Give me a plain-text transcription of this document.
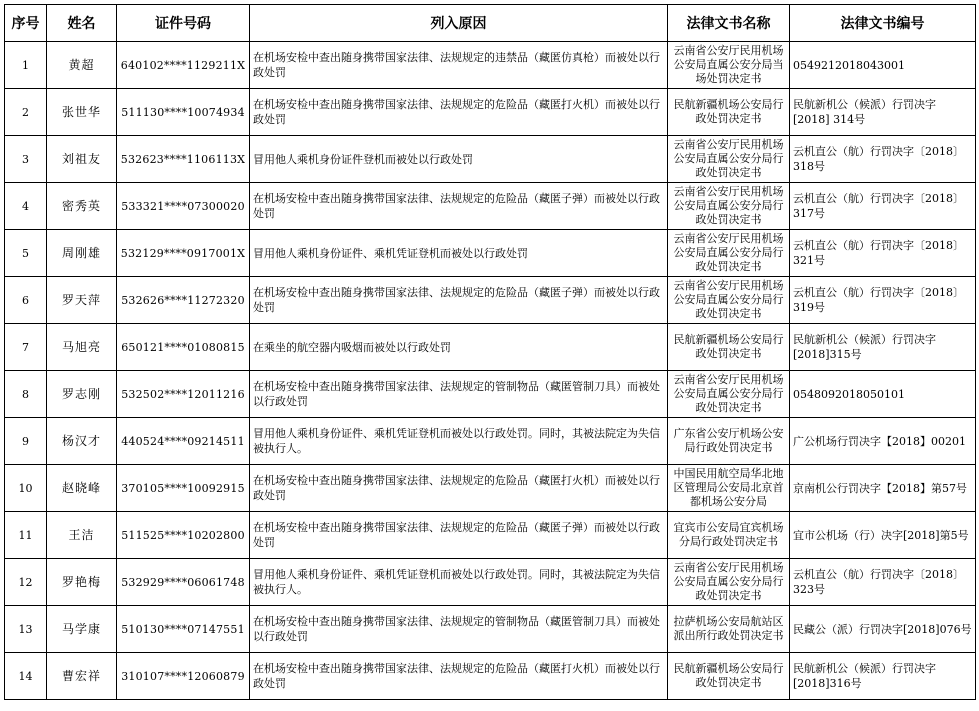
序号	姓名	证件号码	列入原因	法律文书名称	法律文书编号
1	黄超	640102****1129211X	在机场安检中查出随身携带国家法律、法规规定的违禁品（藏匿仿真枪）而被处以行政处罚	云南省公安厅民用机场公安局直属公安分局当场处罚决定书	0549212018043001
2	张世华	511130****10074934	在机场安检中查出随身携带国家法律、法规规定的危险品（藏匿打火机）而被处以行政处罚	民航新疆机场公安局行政处罚决定书	民航新机公（候派）行罚决字[2018] 314号
3	刘祖友	532623****1106113X	冒用他人乘机身份证件登机而被处以行政处罚	云南省公安厅民用机场公安局直属公安分局行政处罚决定书	云机直公（航）行罚决字〔2018〕318号
4	密秀英	533321****07300020	在机场安检中查出随身携带国家法律、法规规定的危险品（藏匿子弹）而被处以行政处罚	云南省公安厅民用机场公安局直属公安分局行政处罚决定书	云机直公（航）行罚决字〔2018〕317号
5	周刚雄	532129****0917001X	冒用他人乘机身份证件、乘机凭证登机而被处以行政处罚	云南省公安厅民用机场公安局直属公安分局行政处罚决定书	云机直公（航）行罚决字〔2018〕321号
6	罗天萍	532626****11272320	在机场安检中查出随身携带国家法律、法规规定的危险品（藏匿子弹）而被处以行政处罚	云南省公安厅民用机场公安局直属公安分局行政处罚决定书	云机直公（航）行罚决字〔2018〕319号
7	马旭亮	650121****01080815	在乘坐的航空器内吸烟而被处以行政处罚	民航新疆机场公安局行政处罚决定书	民航新机公（候派）行罚决字[2018]315号
8	罗志刚	532502****12011216	在机场安检中查出随身携带国家法律、法规规定的管制物品（藏匿管制刀具）而被处以行政处罚	云南省公安厅民用机场公安局直属公安分局行政处罚决定书	0548092018050101
9	杨汉才	440524****09214511	冒用他人乘机身份证件、乘机凭证登机而被处以行政处罚。同时，其被法院定为失信被执行人。	广东省公安厅机场公安局行政处罚决定书	广公机场行罚决字【2018】00201
10	赵晓峰	370105****10092915	在机场安检中查出随身携带国家法律、法规规定的危险品（藏匿打火机）而被处以行政处罚	中国民用航空局华北地区管理局公安局北京首都机场公安分局	京南机公行罚决字【2018】第57号
11	王洁	511525****10202800	在机场安检中查出随身携带国家法律、法规规定的危险品（藏匿子弹）而被处以行政处罚	宜宾市公安局宜宾机场分局行政处罚决定书	宜市公机场（行）决字[2018]第5号
12	罗艳梅	532929****06061748	冒用他人乘机身份证件、乘机凭证登机而被处以行政处罚。同时，其被法院定为失信被执行人。	云南省公安厅民用机场公安局直属公安分局行政处罚决定书	云机直公（航）行罚决字〔2018〕323号
13	马学康	510130****07147551	在机场安检中查出随身携带国家法律、法规规定的管制物品（藏匿管制刀具）而被处以行政处罚	拉萨机场公安局航站区派出所行政处罚决定书	民藏公（派）行罚决字[2018]076号
14	曹宏祥	310107****12060879	在机场安检中查出随身携带国家法律、法规规定的危险品（藏匿打火机）而被处以行政处罚	民航新疆机场公安局行政处罚决定书	民航新机公（候派）行罚决字[2018]316号
